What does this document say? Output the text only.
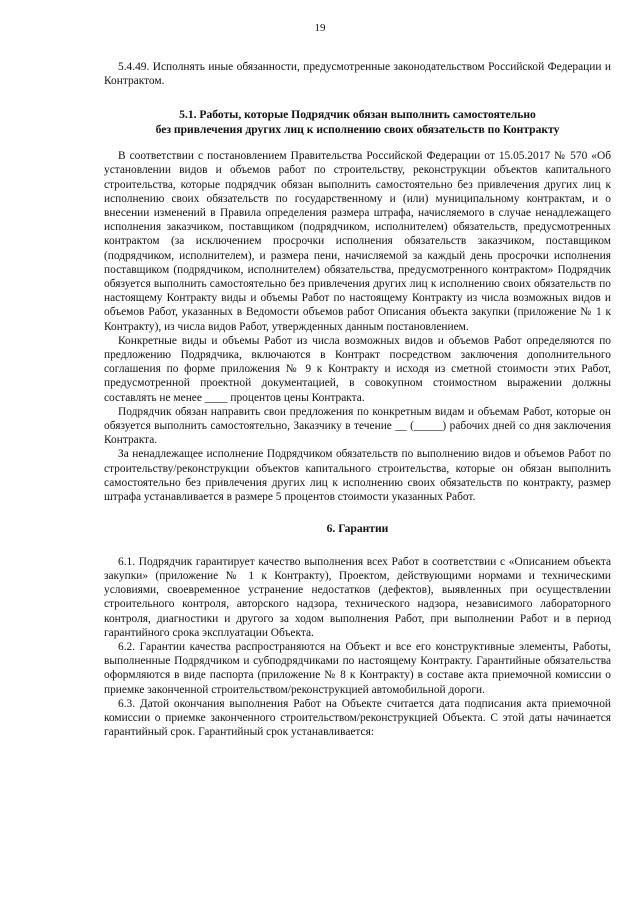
19

5.4.49. Исполнять иные обязанности, предусмотренные законодательством Российской Федерации и Контрактом.

5.1. Работы, которые Подрядчик обязан выполнить самостоятельно
без привлечения других лиц к исполнению своих обязательств по Контракту

В соответствии с постановлением Правительства Российской Федерации от 15.05.2017 № 570 «Об установлении видов и объемов работ по строительству, реконструкции объектов капитального строительства, которые подрядчик обязан выполнить самостоятельно без привлечения других лиц к исполнению своих обязательств по государственному и (или) муниципальному контрактам, и о внесении изменений в Правила определения размера штрафа, начисляемого в случае ненадлежащего исполнения заказчиком, поставщиком (подрядчиком, исполнителем) обязательств, предусмотренных контрактом (за исключением просрочки исполнения обязательств заказчиком, поставщиком (подрядчиком, исполнителем), и размера пени, начисляемой за каждый день просрочки исполнения поставщиком (подрядчиком, исполнителем) обязательства, предусмотренного контрактом» Подрядчик обязуется выполнить самостоятельно без привлечения других лиц к исполнению своих обязательств по настоящему Контракту виды и объемы Работ по настоящему Контракту из числа возможных видов и объемов Работ, указанных в Ведомости объемов работ Описания объекта закупки (приложение № 1 к Контракту), из числа видов Работ, утвержденных данным постановлением.

Конкретные виды и объемы Работ из числа возможных видов и объемов Работ определяются по предложению Подрядчика, включаются в Контракт посредством заключения дополнительного соглашения по форме приложения № 9 к Контракту и исходя из сметной стоимости этих Работ, предусмотренной проектной документацией, в совокупном стоимостном выражении должны составлять не менее ____ процентов цены Контракта.

Подрядчик обязан направить свои предложения по конкретным видам и объемам Работ, которые он обязуется выполнить самостоятельно, Заказчику в течение __ (_____) рабочих дней со дня заключения Контракта.

За ненадлежащее исполнение Подрядчиком обязательств по выполнению видов и объемов Работ по строительству/реконструкции объектов капитального строительства, которые он обязан выполнить самостоятельно без привлечения других лиц к исполнению своих обязательств по контракту, размер штрафа устанавливается в размере 5 процентов стоимости указанных Работ.

6. Гарантии

6.1. Подрядчик гарантирует качество выполнения всех Работ в соответствии с «Описанием объекта закупки» (приложение № 1 к Контракту), Проектом, действующими нормами и техническими условиями, своевременное устранение недостатков (дефектов), выявленных при осуществлении строительного контроля, авторского надзора, технического надзора, независимого лабораторного контроля, диагностики и другого за ходом выполнения Работ, при выполнении Работ и в период гарантийного срока эксплуатации Объекта.

6.2. Гарантии качества распространяются на Объект и все его конструктивные элементы, Работы, выполненные Подрядчиком и субподрядчиками по настоящему Контракту. Гарантийные обязательства оформляются в виде паспорта (приложение № 8 к Контракту) в составе акта приемочной комиссии о приемке законченной строительством/реконструкцией автомобильной дороги.

6.3. Датой окончания выполнения Работ на Объекте считается дата подписания акта приемочной комиссии о приемке законченного строительством/реконструкцией Объекта. С этой даты начинается гарантийный срок. Гарантийный срок устанавливается:
